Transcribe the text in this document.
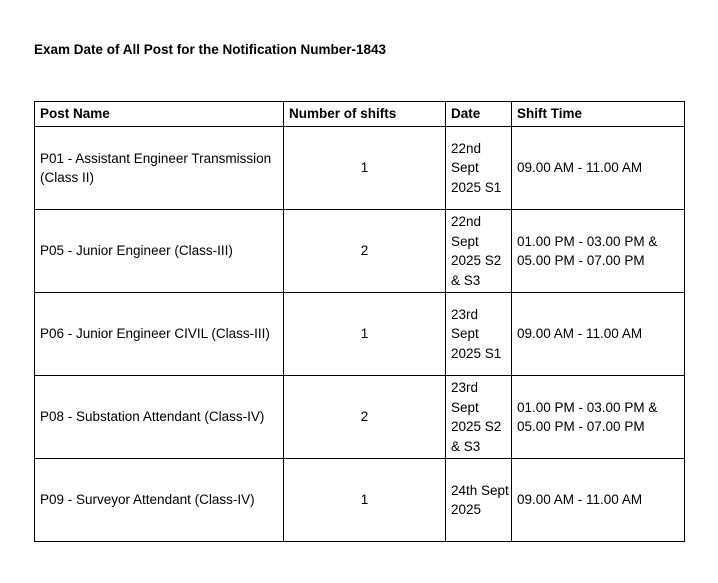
Exam Date of All Post for the Notification Number-1843
Post Name	Number of shifts	Date	Shift Time
P01 - Assistant Engineer Transmission (Class II)	1	22nd Sept 2025 S1	09.00 AM - 11.00 AM
P05 - Junior Engineer (Class-III)	2	22nd Sept 2025 S2 & S3	01.00 PM - 03.00 PM & 05.00 PM - 07.00 PM
P06 - Junior Engineer CIVIL (Class-III)	1	23rd Sept 2025 S1	09.00 AM - 11.00 AM
P08 - Substation Attendant (Class-IV)	2	23rd Sept 2025 S2 & S3	01.00 PM - 03.00 PM & 05.00 PM - 07.00 PM
P09 - Surveyor Attendant (Class-IV)	1	24th Sept 2025	09.00 AM - 11.00 AM
